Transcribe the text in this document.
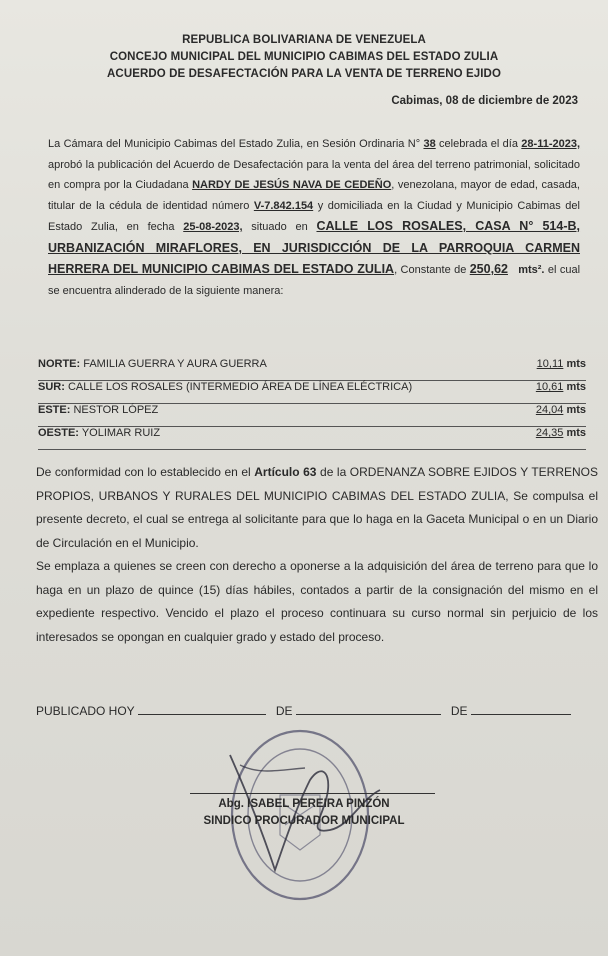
REPUBLICA BOLIVARIANA DE VENEZUELA
CONCEJO MUNICIPAL DEL MUNICIPIO CABIMAS DEL ESTADO ZULIA
ACUERDO DE DESAFECTACIÓN PARA LA VENTA DE TERRENO EJIDO
Cabimas, 08 de diciembre de 2023
La Cámara del Municipio Cabimas del Estado Zulia, en Sesión Ordinaria N° 38 celebrada el día 28-11-2023, aprobó la publicación del Acuerdo de Desafectación para la venta del área del terreno patrimonial, solicitado en compra por la Ciudadana NARDY DE JESÚS NAVA DE CEDEÑO, venezolana, mayor de edad, casada, titular de la cédula de identidad número V-7.842.154 y domiciliada en la Ciudad y Municipio Cabimas del Estado Zulia, en fecha 25-08-2023, situado en CALLE LOS ROSALES, CASA N° 514-B, URBANIZACIÓN MIRAFLORES, EN JURISDICCIÓN DE LA PARROQUIA CARMEN HERRERA DEL MUNICIPIO CABIMAS DEL ESTADO ZULIA, Constante de 250,62 mts². el cual se encuentra alinderado de la siguiente manera:
NORTE: FAMILIA GUERRA Y AURA GUERRA	10,11 mts
SUR: CALLE LOS ROSALES (INTERMEDIO ÁREA DE LÍNEA ELÉCTRICA)	10,61 mts
ESTE: NESTOR LÓPEZ	24,04 mts
OESTE: YOLIMAR RUIZ	24,35 mts
De conformidad con lo establecido en el Artículo 63 de la ORDENANZA SOBRE EJIDOS Y TERRENOS PROPIOS, URBANOS Y RURALES DEL MUNICIPIO CABIMAS DEL ESTADO ZULIA, Se compulsa el presente decreto, el cual se entrega al solicitante para que lo haga en la Gaceta Municipal o en un Diario de Circulación en el Municipio.
Se emplaza a quienes se creen con derecho a oponerse a la adquisición del área de terreno para que lo haga en un plazo de quince (15) días hábiles, contados a partir de la consignación del mismo en el expediente respectivo. Vencido el plazo el proceso continuara su curso normal sin perjuicio de los interesados se opongan en cualquier grado y estado del proceso.
PUBLICADO HOY	DE	DE
Abg. ISABEL PEREIRA PINZÓN
SINDICO PROCURADOR MUNICIPAL
